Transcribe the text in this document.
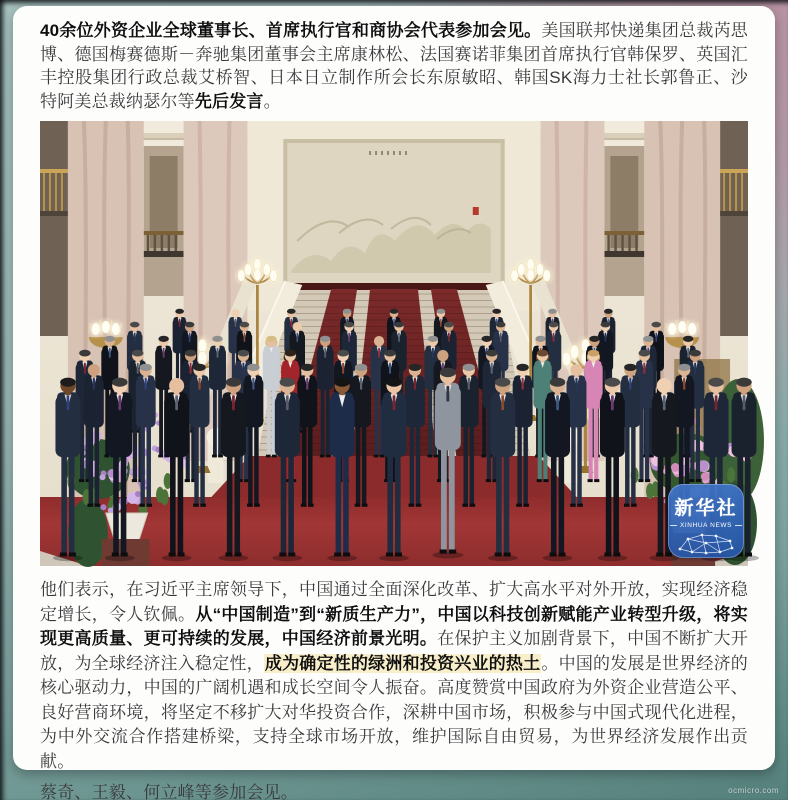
40余位外资企业全球董事长、首席执行官和商协会代表参加会见。美国联邦快递集团总裁芮思博、德国梅赛德斯－奔驰集团董事会主席康林松、法国赛诺菲集团首席执行官韩保罗、英国汇丰控股集团行政总裁艾桥智、日本日立制作所会长东原敏昭、韩国SK海力士社长郭鲁正、沙特阿美总裁纳瑟尔等先后发言。

新华社
XINHUA NEWS

他们表示，在习近平主席领导下，中国通过全面深化改革、扩大高水平对外开放，实现经济稳定增长，令人钦佩。从“中国制造”到“新质生产力”，中国以科技创新赋能产业转型升级，将实现更高质量、更可持续的发展，中国经济前景光明。在保护主义加剧背景下，中国不断扩大开放，为全球经济注入稳定性，成为确定性的绿洲和投资兴业的热土。中国的发展是世界经济的核心驱动力，中国的广阔机遇和成长空间令人振奋。高度赞赏中国政府为外资企业营造公平、良好营商环境，将坚定不移扩大对华投资合作，深耕中国市场，积极参与中国式现代化进程，为中外交流合作搭建桥梁，支持全球市场开放，维护国际自由贸易，为世界经济发展作出贡献。

蔡奇、王毅、何立峰等参加会见。	ocmicro.com
